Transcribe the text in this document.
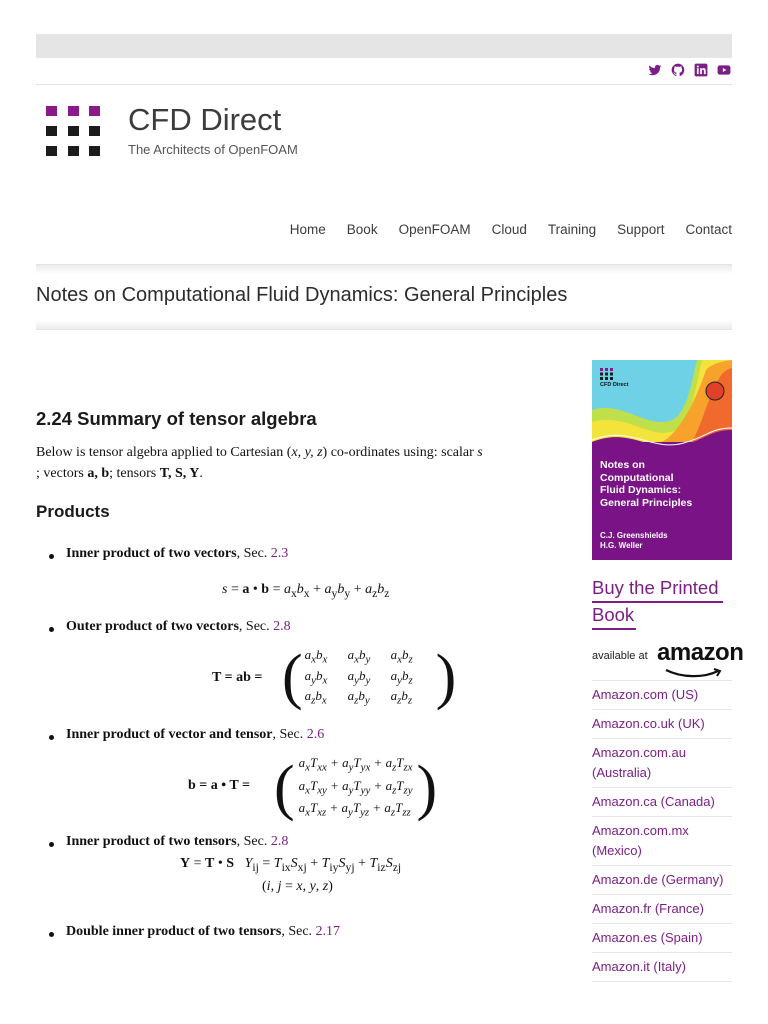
CFD Direct
The Architects of OpenFOAM
Home Book OpenFOAM Cloud Training Support Contact
Notes on Computational Fluid Dynamics: General Principles
2.24 Summary of tensor algebra
Below is tensor algebra applied to Cartesian (x, y, z) co-ordinates using: scalar s
; vectors a, b; tensors T, S, Y.
Products
Inner product of two vectors, Sec. 2.3
s = a • $b = a_xb_x + a_yb_y + a_zb_z$
Outer product of two vectors, Sec. 2.8
T = ab = ( $a_xb_x$	$a_xb_y$	$a_xb_z$
$a_yb_x$	$a_yb_y$	$a_yb_z$
$a_zb_x$	$a_zb_y$	$a_zb_z$ )
Inner product of vector and tensor, Sec. 2.6
b = a • T = ( $a_xT_{xx} + a_yT_{yx} + a_zT_{zx}$
$a_xT_{xy} + a_yT_{yy} + a_zT_{zy}$
$a_xT_{xz} + a_yT_{yz} + a_zT_{zz}$ )
Inner product of two tensors, Sec. 2.8
Y = T • S $Y_{ij} = T_{ix}S_{xj} + T_{iy}S_{yj} + T_{iz}S_{zj}$
(i, j = x, y, z)
Double inner product of two tensors, Sec. 2.17
CFD Direct
Notes on
Computational
Fluid Dynamics:
General Principles
C.J. Greenshields
H.G. Weller
Buy the Printed
Book
available at amazon
Amazon.com (US)
Amazon.co.uk (UK)
Amazon.com.au (Australia)
Amazon.ca (Canada)
Amazon.com.mx (Mexico)
Amazon.de (Germany)
Amazon.fr (France)
Amazon.es (Spain)
Amazon.it (Italy)
